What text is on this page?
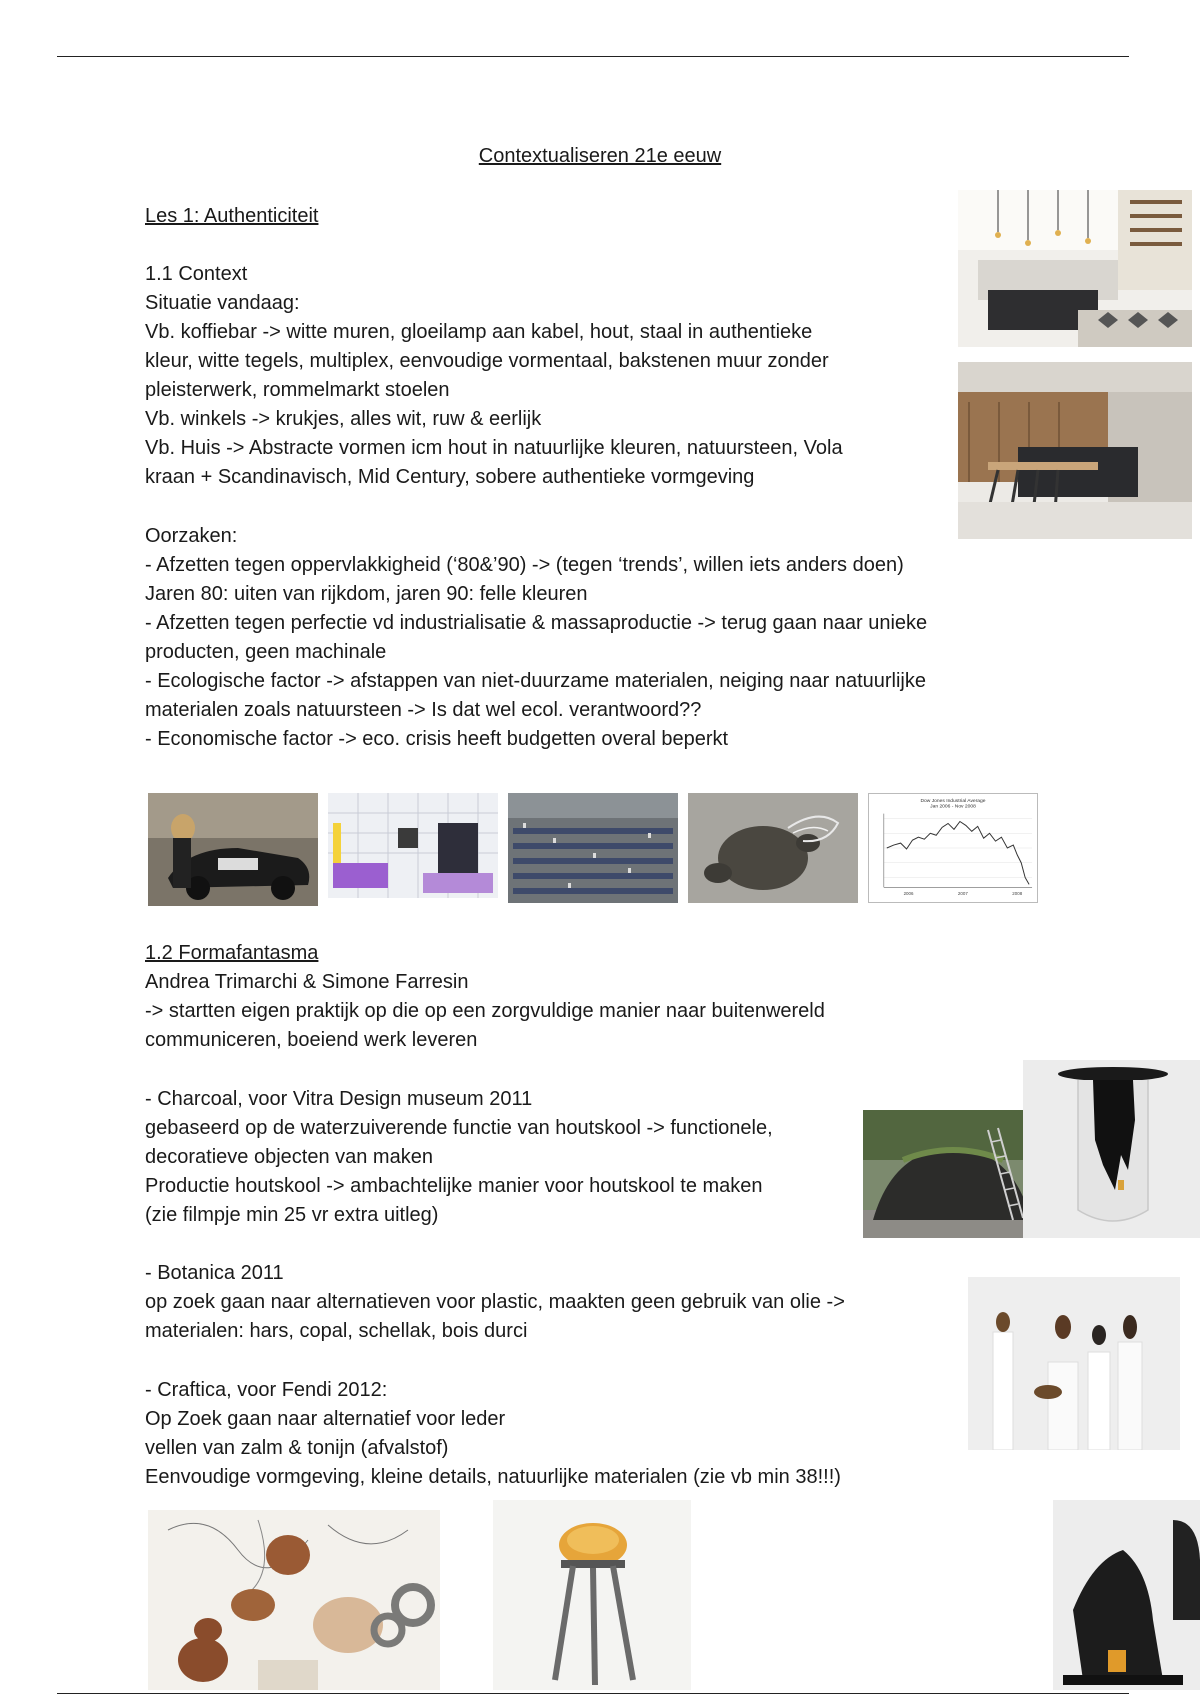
Contextualiseren 21e eeuw
Les 1: Authenticiteit
1.1 Context
Situatie vandaag:
Vb. koffiebar -> witte muren, gloeilamp aan kabel, hout, staal in authentieke
kleur, witte tegels, multiplex, eenvoudige vormentaal, bakstenen muur zonder
pleisterwerk, rommelmarkt stoelen
Vb. winkels -> krukjes, alles wit, ruw & eerlijk
Vb. Huis -> Abstracte vormen icm hout in natuurlijke kleuren, natuursteen, Vola
kraan + Scandinavisch, Mid Century, sobere authentieke vormgeving
Oorzaken:
- Afzetten tegen oppervlakkigheid (‘80&’90) -> (tegen ‘trends’, willen iets anders doen)
Jaren 80: uiten van rijkdom, jaren 90: felle kleuren
- Afzetten tegen perfectie vd industrialisatie & massaproductie -> terug gaan naar unieke
producten, geen machinale
- Ecologische factor -> afstappen van niet-duurzame materialen, neiging naar natuurlijke
materialen zoals natuursteen -> Is dat wel ecol. verantwoord??
- Economische factor -> eco. crisis heeft budgetten overal beperkt
1.2 Formafantasma
Andrea Trimarchi & Simone Farresin
-> startten eigen praktijk op die op een zorgvuldige manier naar buitenwereld
communiceren, boeiend werk leveren
- Charcoal, voor Vitra Design museum 2011
gebaseerd op de waterzuiverende functie van houtskool -> functionele,
decoratieve objecten van maken
Productie houtskool -> ambachtelijke manier voor houtskool te maken
(zie filmpje min 25 vr extra uitleg)
- Botanica 2011
op zoek gaan naar alternatieven voor plastic, maakten geen gebruik van olie ->
materialen: hars, copal, schellak, bois durci
- Craftica, voor Fendi 2012:
Op Zoek gaan naar alternatief voor leder
vellen van zalm & tonijn (afvalstof)
Eenvoudige vormgeving, kleine details, natuurlijke materialen (zie vb min 38!!!)
Dow Jones Industrial Average
Jan 2006 - Nov 2008
2006	2007	2008
